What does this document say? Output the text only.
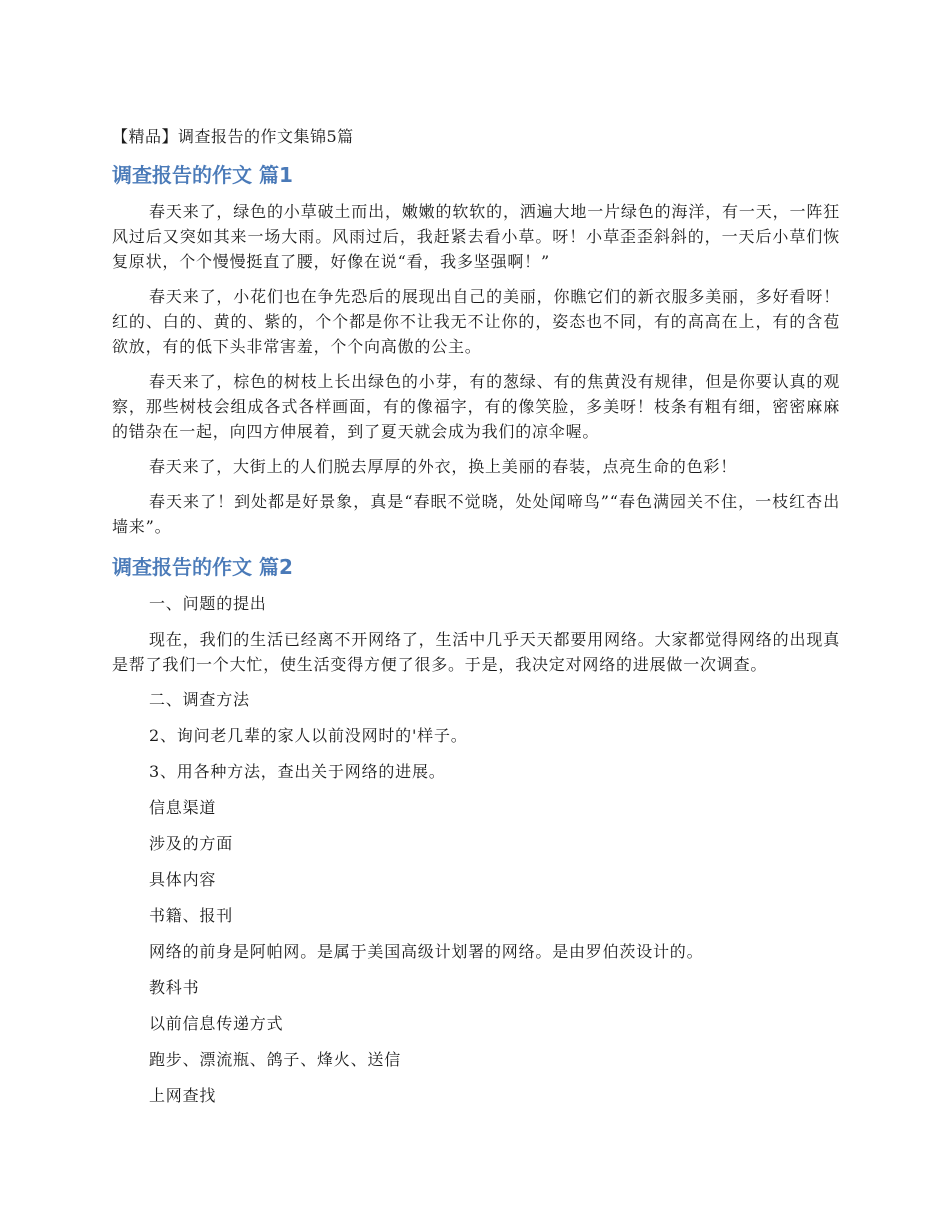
【精品】调查报告的作文集锦5篇
调查报告的作文 篇1

春天来了，绿色的小草破土而出，嫩嫩的软软的，洒遍大地一片绿色的海洋，有一天，一阵狂风过后又突如其来一场大雨。风雨过后，我赶紧去看小草。呀！小草歪歪斜斜的，一天后小草们恢复原状，个个慢慢挺直了腰，好像在说“看，我多坚强啊！”

春天来了，小花们也在争先恐后的展现出自己的美丽，你瞧它们的新衣服多美丽，多好看呀！红的、白的、黄的、紫的，个个都是你不让我无不让你的，姿态也不同，有的高高在上，有的含苞欲放，有的低下头非常害羞，个个向高傲的公主。

春天来了，棕色的树枝上长出绿色的小芽，有的葱绿、有的焦黄没有规律，但是你要认真的观察，那些树枝会组成各式各样画面，有的像福字，有的像笑脸，多美呀！枝条有粗有细，密密麻麻的错杂在一起，向四方伸展着，到了夏天就会成为我们的凉伞喔。

春天来了，大街上的人们脱去厚厚的外衣，换上美丽的春装，点亮生命的色彩！

春天来了！到处都是好景象，真是“春眠不觉晓，处处闻啼鸟”“春色满园关不住，一枝红杏出墙来”。

调查报告的作文 篇2

一、问题的提出

现在，我们的生活已经离不开网络了，生活中几乎天天都要用网络。大家都觉得网络的出现真是帮了我们一个大忙，使生活变得方便了很多。于是，我决定对网络的进展做一次调查。

二、调查方法

2、询问老几辈的家人以前没网时的'样子。

3、用各种方法，查出关于网络的进展。

信息渠道

涉及的方面

具体内容

书籍、报刊

网络的前身是阿帕网。是属于美国高级计划署的网络。是由罗伯茨设计的。

教科书

以前信息传递方式

跑步、漂流瓶、鸽子、烽火、送信

上网查找
